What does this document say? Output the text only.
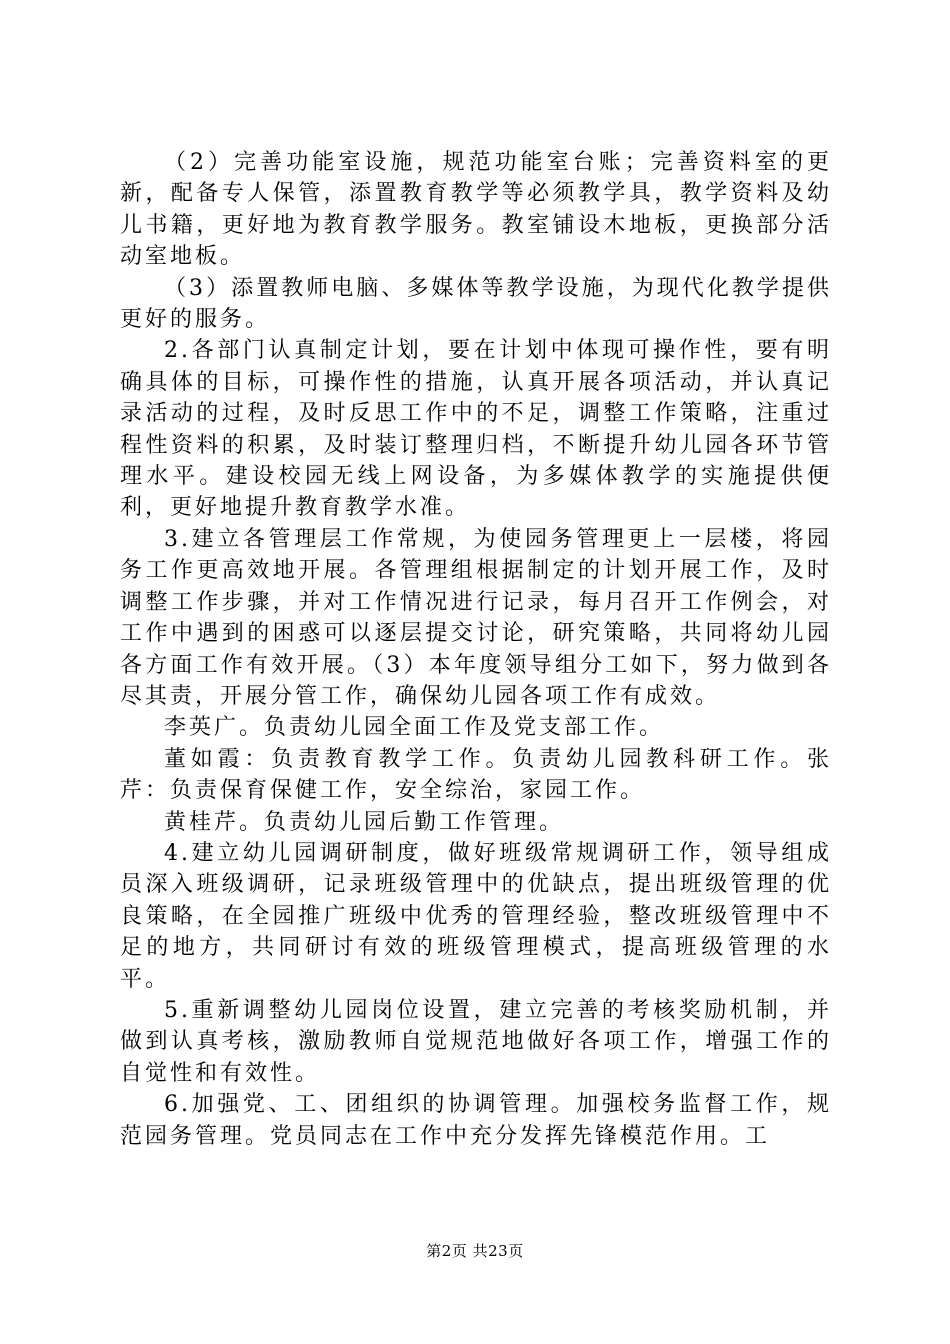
（2）完善功能室设施，规范功能室台账；完善资料室的更新，配备专人保管，添置教育教学等必须教学具，教学资料及幼儿书籍，更好地为教育教学服务。教室铺设木地板，更换部分活动室地板。

（3）添置教师电脑、多媒体等教学设施，为现代化教学提供更好的服务。

2.各部门认真制定计划，要在计划中体现可操作性，要有明确具体的目标，可操作性的措施，认真开展各项活动，并认真记录活动的过程，及时反思工作中的不足，调整工作策略，注重过程性资料的积累，及时装订整理归档，不断提升幼儿园各环节管理水平。建设校园无线上网设备，为多媒体教学的实施提供便利，更好地提升教育教学水准。

3.建立各管理层工作常规，为使园务管理更上一层楼，将园务工作更高效地开展。各管理组根据制定的计划开展工作，及时调整工作步骤，并对工作情况进行记录，每月召开工作例会，对工作中遇到的困惑可以逐层提交讨论，研究策略，共同将幼儿园各方面工作有效开展。（3）本年度领导组分工如下，努力做到各尽其责，开展分管工作，确保幼儿园各项工作有成效。

李英广。负责幼儿园全面工作及党支部工作。

董如霞：负责教育教学工作。负责幼儿园教科研工作。张芹：负责保育保健工作，安全综治，家园工作。

黄桂芹。负责幼儿园后勤工作管理。

4.建立幼儿园调研制度，做好班级常规调研工作，领导组成员深入班级调研，记录班级管理中的优缺点，提出班级管理的优良策略，在全园推广班级中优秀的管理经验，整改班级管理中不足的地方，共同研讨有效的班级管理模式，提高班级管理的水平。

5.重新调整幼儿园岗位设置，建立完善的考核奖励机制，并做到认真考核，激励教师自觉规范地做好各项工作，增强工作的自觉性和有效性。

6.加强党、工、团组织的协调管理。加强校务监督工作，规范园务管理。党员同志在工作中充分发挥先锋模范作用。工

第2页 共23页
